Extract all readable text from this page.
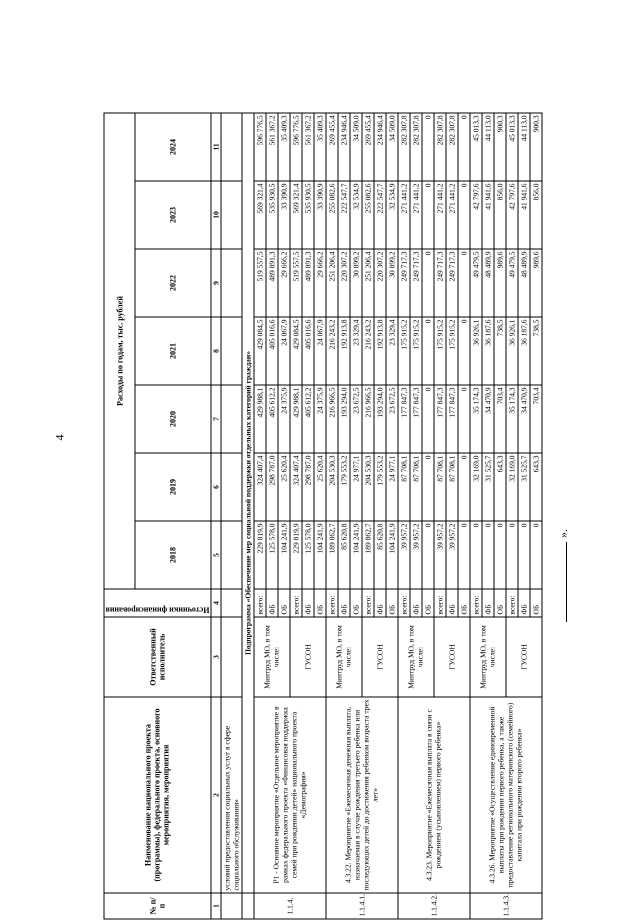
4
».
№ п/п	Наименование национального проекта (программы), федерального проекта, основного мероприятия, мероприятия	Ответственный исполнитель	Источники финансирования	Расходы по годам, тыс. рублей						
				2018	2019	2020	2021	2022	2023	2024
1	2	3	4	5	6	7	8	9	10	11
	условий предоставления социальных услуг в сфере социального обслуживания»									
	Подпрограмма «Обеспечение мер социальной поддержки отдельных категорий граждан»									
1.1.4.	Р1 - Основное мероприятие «Отдельное мероприятие в рамках федерального проекта «Финансовая поддержка семей при рождении детей» национального проекта «Демография»	Минтруд МО, в том числе:	всего:	229 819,9	324 407,4	429 988,1	429 084,5	519 557,5	569 321,4	596 776,5
			ФБ	125 578,0	298 787,0	405 612,2	405 016,6	489 891,3	535 930,5	561 367,2
			ОБ	104 241,9	25 620,4	24 375,9	24 067,9	29 666,2	33 390,9	35 409,3
		ГУСОН	всего:	229 819,9	324 407,4	429 988,1	429 084,5	519 557,5	569 321,4	596 776,5
			ФБ	125 578,0	298 787,0	405 612,2	405 016,6	489 891,3	535 930,5	561 367,2
			ОБ	104 241,9	25 620,4	24 375,9	24 067,9	29 666,2	33 390,9	35 409,3
1.1.4.1.	4.3.22. Мероприятие «Ежемесячная денежная выплата, назначаемая в случае рождения третьего ребенка или последующих детей до достижения ребенком возраста трех лет»	Минтруд МО, в том числе:	всего:	189 862,7	204 530,3	216 966,5	216 243,2	251 206,4	255 082,6	269 455,4
			ФБ	85 620,8	179 553,2	193 294,0	192 913,8	220 307,2	222 547,7	234 946,4
			ОБ	104 241,9	24 977,1	23 672,5	23 329,4	30 899,2	32 534,9	34 509,0
		ГУСОН	всего:	189 862,7	204 530,3	216 966,5	216 243,2	251 206,4	255 082,6	269 455,4
			ФБ	85 620,8	179 553,2	193 294,0	192 913,8	220 307,2	222 547,7	234 946,4
			ОБ	104 241,9	24 977,1	23 672,5	23 329,4	30 899,2	32 534,9	34 509,0
1.1.4.2.	4.3.23. Мероприятие «Ежемесячная выплата в связи с рождением (усыновлением) первого ребенка»	Минтруд МО, в том числе:	всего:	39 957,2	87 708,1	177 847,3	175 915,2	249 717,3	271 441,2	282 307,8
			ФБ	39 957,2	87 708,1	177 847,3	175 915,2	249 717,3	271 441,2	282 307,8
			ОБ	0	0	0	0	0	0	0
		ГУСОН	всего:	39 957,2	87 708,1	177 847,3	175 915,2	249 717,3	271 441,2	282 307,8
			ФБ	39 957,2	87 708,1	177 847,3	175 915,2	249 717,3	271 441,2	282 307,8
			ОБ	0	0	0	0	0	0	0
1.1.4.3.	4.3.26. Мероприятие «Осуществление единовременной выплаты при рождении первого ребенка, а также предоставление регионального материнского (семейного) капитала при рождении второго ребенка»	Минтруд МО, в том числе:	всего:	0	32 169,0	35 174,3	36 926,1	49 479,5	42 797,6	45 013,3
			ФБ	0	31 525,7	34 470,9	36 187,6	48 489,9	41 941,6	44 113,0
			ОБ	0	643,3	703,4	738,5	989,6	856,0	900,3
		ГУСОН	всего:	0	32 169,0	35 174,3	36 926,1	49 479,5	42 797,6	45 013,3
			ФБ	0	31 525,7	34 470,9	36 187,6	48 489,9	41 941,6	44 113,0
			ОБ	0	643,3	703,4	738,5	989,6	856,0	900,3
